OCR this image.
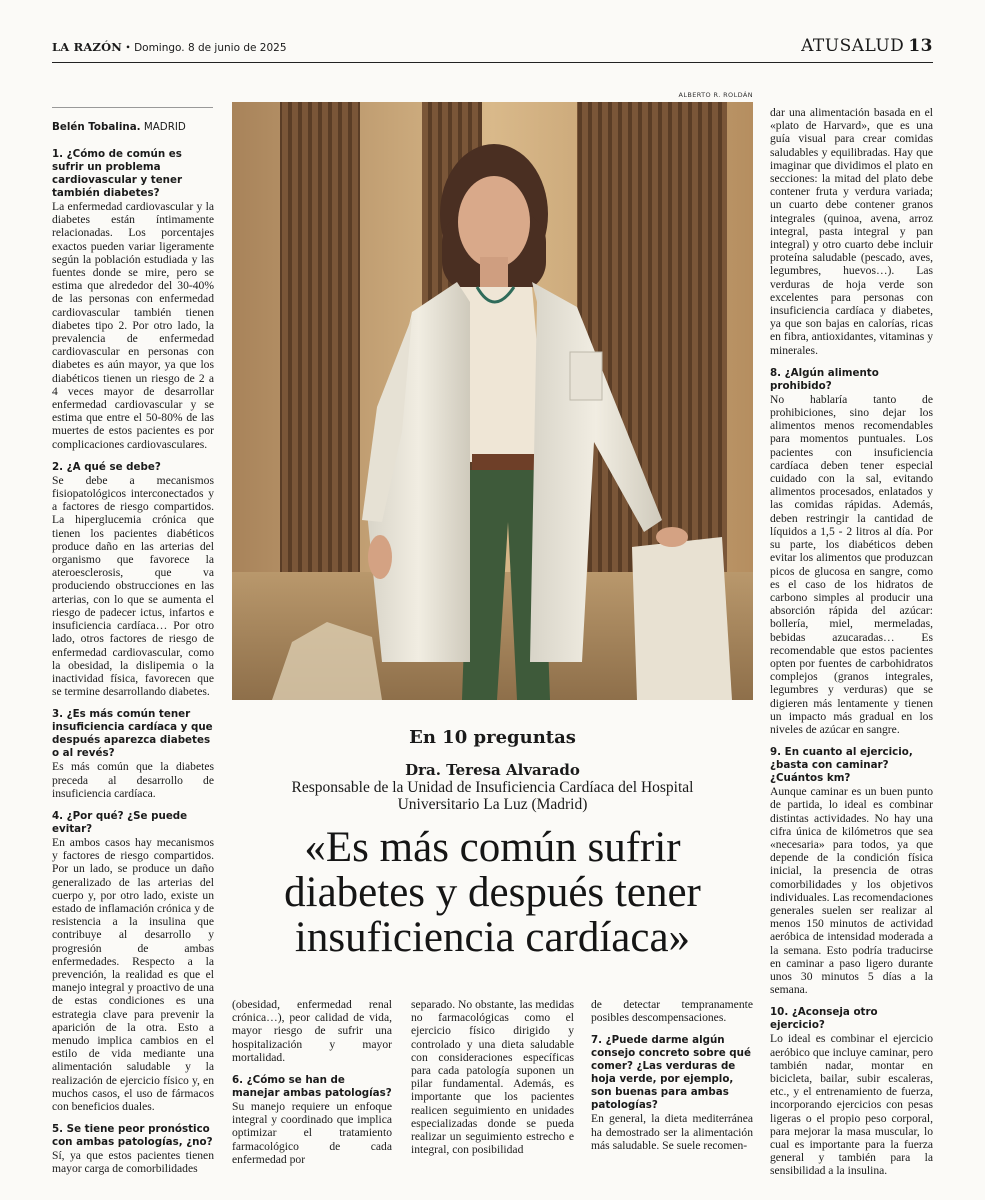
LA RAZÓN • Domingo. 8 de junio de 2025	ATUSALUD 13
Belén Tobalina. MADRID

1. ¿Cómo de común es sufrir un problema cardiovascular y tener también diabetes?

La enfermedad cardiovascular y la diabetes están íntimamente relacionadas. Los porcentajes exactos pueden variar ligeramente según la población estudiada y las fuentes donde se mire, pero se estima que alrededor del 30-40% de las personas con enfermedad cardiovascular también tienen diabetes tipo 2. Por otro lado, la prevalencia de enfermedad cardiovascular en personas con diabetes es aún mayor, ya que los diabéticos tienen un riesgo de 2 a 4 veces mayor de desarrollar enfermedad cardiovascular y se estima que entre el 50-80% de las muertes de estos pacientes es por complicaciones cardiovasculares.

2. ¿A qué se debe?

Se debe a mecanismos fisiopatológicos interconectados y a factores de riesgo compartidos. La hiperglucemia crónica que tienen los pacientes diabéticos produce daño en las arterias del organismo que favorece la ateroesclerosis, que va produciendo obstrucciones en las arterias, con lo que se aumenta el riesgo de padecer ictus, infartos e insuficiencia cardíaca… Por otro lado, otros factores de riesgo de enfermedad cardiovascular, como la obesidad, la dislipemia o la inactividad física, favorecen que se termine desarrollando diabetes.

3. ¿Es más común tener insuficiencia cardíaca y que después aparezca diabetes o al revés?

Es más común que la diabetes preceda al desarrollo de insuficiencia cardíaca.

4. ¿Por qué? ¿Se puede evitar?

En ambos casos hay mecanismos y factores de riesgo compartidos. Por un lado, se produce un daño generalizado de las arterias del cuerpo y, por otro lado, existe un estado de inflamación crónica y de resistencia a la insulina que contribuye al desarrollo y progresión de ambas enfermedades. Respecto a la prevención, la realidad es que el manejo integral y proactivo de una de estas condiciones es una estrategia clave para prevenir la aparición de la otra. Esto a menudo implica cambios en el estilo de vida mediante una alimentación saludable y la realización de ejercicio físico y, en muchos casos, el uso de fármacos con beneficios duales.

5. Se tiene peor pronóstico con ambas patologías, ¿no?

Sí, ya que estos pacientes tienen mayor carga de comorbilidades

ALBERTO R. ROLDÁN
En 10 preguntas
Dra. Teresa Alvarado
Responsable de la Unidad de Insuficiencia Cardíaca del Hospital
Universitario La Luz (Madrid)
«Es más común sufrir
diabetes y después tener
insuficiencia cardíaca»

(obesidad, enfermedad renal crónica…), peor calidad de vida, mayor riesgo de sufrir una hospitalización y mayor mortalidad.

6. ¿Cómo se han de manejar ambas patologías?

Su manejo requiere un enfoque integral y coordinado que implica optimizar el tratamiento farmacológico de cada enfermedad por

separado. No obstante, las medidas no farmacológicas como el ejercicio físico dirigido y controlado y una dieta saludable con consideraciones específicas para cada patología suponen un pilar fundamental. Además, es importante que los pacientes realicen seguimiento en unidades especializadas donde se pueda realizar un seguimiento estrecho e integral, con posibilidad

de detectar tempranamente posibles descompensaciones.

7. ¿Puede darme algún consejo concreto sobre qué comer? ¿Las verduras de hoja verde, por ejemplo, son buenas para ambas patologías?

En general, la dieta mediterránea ha demostrado ser la alimentación más saludable. Se suele recomen-

dar una alimentación basada en el «plato de Harvard», que es una guía visual para crear comidas saludables y equilibradas. Hay que imaginar que dividimos el plato en secciones: la mitad del plato debe contener fruta y verdura variada; un cuarto debe contener granos integrales (quinoa, avena, arroz integral, pasta integral y pan integral) y otro cuarto debe incluir proteína saludable (pescado, aves, legumbres, huevos…). Las verduras de hoja verde son excelentes para personas con insuficiencia cardíaca y diabetes, ya que son bajas en calorías, ricas en fibra, antioxidantes, vitaminas y minerales.

8. ¿Algún alimento prohibido?

No hablaría tanto de prohibiciones, sino dejar los alimentos menos recomendables para momentos puntuales. Los pacientes con insuficiencia cardíaca deben tener especial cuidado con la sal, evitando alimentos procesados, enlatados y las comidas rápidas. Además, deben restringir la cantidad de líquidos a 1,5 - 2 litros al día. Por su parte, los diabéticos deben evitar los alimentos que produzcan picos de glucosa en sangre, como es el caso de los hidratos de carbono simples al producir una absorción rápida del azúcar: bollería, miel, mermeladas, bebidas azucaradas… Es recomendable que estos pacientes opten por fuentes de carbohidratos complejos (granos integrales, legumbres y verduras) que se digieren más lentamente y tienen un impacto más gradual en los niveles de azúcar en sangre.

9. En cuanto al ejercicio, ¿basta con caminar? ¿Cuántos km?

Aunque caminar es un buen punto de partida, lo ideal es combinar distintas actividades. No hay una cifra única de kilómetros que sea «necesaria» para todos, ya que depende de la condición física inicial, la presencia de otras comorbilidades y los objetivos individuales. Las recomendaciones generales suelen ser realizar al menos 150 minutos de actividad aeróbica de intensidad moderada a la semana. Esto podría traducirse en caminar a paso ligero durante unos 30 minutos 5 días a la semana.

10. ¿Aconseja otro ejercicio?

Lo ideal es combinar el ejercicio aeróbico que incluye caminar, pero también nadar, montar en bicicleta, bailar, subir escaleras, etc., y el entrenamiento de fuerza, incorporando ejercicios con pesas ligeras o el propio peso corporal, para mejorar la masa muscular, lo cual es importante para la fuerza general y también para la sensibilidad a la insulina.
